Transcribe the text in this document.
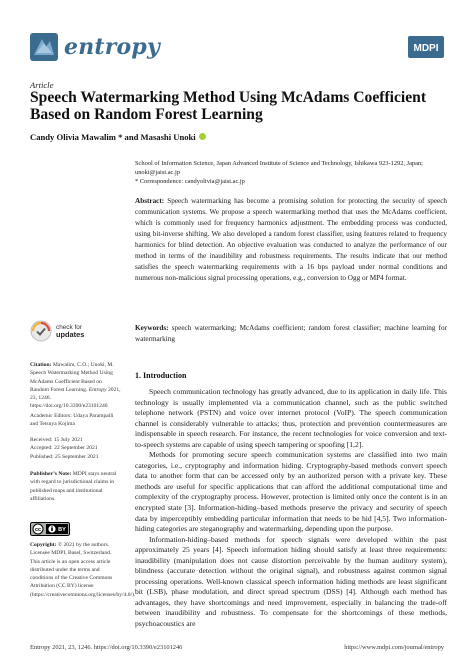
entropy	MDPI
Article
Speech Watermarking Method Using McAdams Coefficient Based on Random Forest Learning
Candy Olivia Mawalim * and Masashi Unoki
School of Information Science, Japan Advanced Institute of Science and Technology, Ishikawa 923-1292, Japan; unoki@jaist.ac.jp
* Correspondence: candyolivia@jaist.ac.jp
Abstract: Speech watermarking has become a promising solution for protecting the security of speech communication systems. We propose a speech watermarking method that uses the McAdams coefficient, which is commonly used for frequency harmonics adjustment. The embedding process was conducted, using bit-inverse shifting. We also developed a random forest classifier, using features related to frequency harmonics for blind detection. An objective evaluation was conducted to analyze the performance of our method in terms of the inaudibility and robustness requirements. The results indicate that our method satisfies the speech watermarking requirements with a 16 bps payload under normal conditions and numerous non-malicious signal processing operations, e.g., conversion to Ogg or MP4 format.
Keywords: speech watermarking; McAdams coefficient; random forest classifier; machine learning for watermarking
1. Introduction

Speech communication technology has greatly advanced, due to its application in daily life. This technology is usually implemented via a communication channel, such as the public switched telephone network (PSTN) and voice over internet protocol (VoIP). The speech communication channel is considerably vulnerable to attacks; thus, protection and prevention countermeasures are indispensable in speech research. For instance, the recent technologies for voice conversion and text-to-speech systems are capable of using speech tampering or spoofing [1,2].

Methods for promoting secure speech communication systems are classified into two main categories, i.e., cryptography and information hiding. Cryptography-based methods convert speech data to another form that can be accessed only by an authorized person with a private key. These methods are useful for specific applications that can afford the additional computational time and complexity of the cryptography process. However, protection is limited only once the content is in an encrypted state [3]. Information-hiding–based methods preserve the privacy and security of speech data by imperceptibly embedding particular information that needs to be hid [4,5]. Two information-hiding categories are steganography and watermarking, depending upon the purpose.

Information-hiding–based methods for speech signals were developed within the past approximately 25 years [4]. Speech information hiding should satisfy at least three requirements: inaudibility (manipulation does not cause distortion perceivable by the human auditory system), blindness (accurate detection without the original signal), and robustness against common signal processing operations. Well-known classical speech information hiding methods are least significant bit (LSB), phase modulation, and direct spread spectrum (DSS) [4]. Although each method has advantages, they have shortcomings and need improvement, especially in balancing the trade-off between inaudibility and robustness. To compensate for the shortcomings of these methods, psychoacoustics are

check for
updates
Citation: Mawalim, C.O.; Unoki, M. Speech Watermarking Method Using McAdams Coefficient Based on Random Forest Learning. Entropy 2021, 23, 1246. https://doi.org/10.3390/e23101246
Academic Editors: Udaya Parampalli and Tetsuya Kojima
Received: 15 July 2021
Accepted: 22 September 2021
Published: 25 September 2021
Publisher’s Note: MDPI stays neutral with regard to jurisdictional claims in published maps and institutional affiliations.
cc	BY
Copyright: © 2021 by the authors. Licensee MDPI, Basel, Switzerland. This article is an open access article distributed under the terms and conditions of the Creative Commons Attribution (CC BY) license (https://creativecommons.org/licenses/by/4.0/).
Entropy 2021, 23, 1246. https://doi.org/10.3390/e23101246	https://www.mdpi.com/journal/entropy
